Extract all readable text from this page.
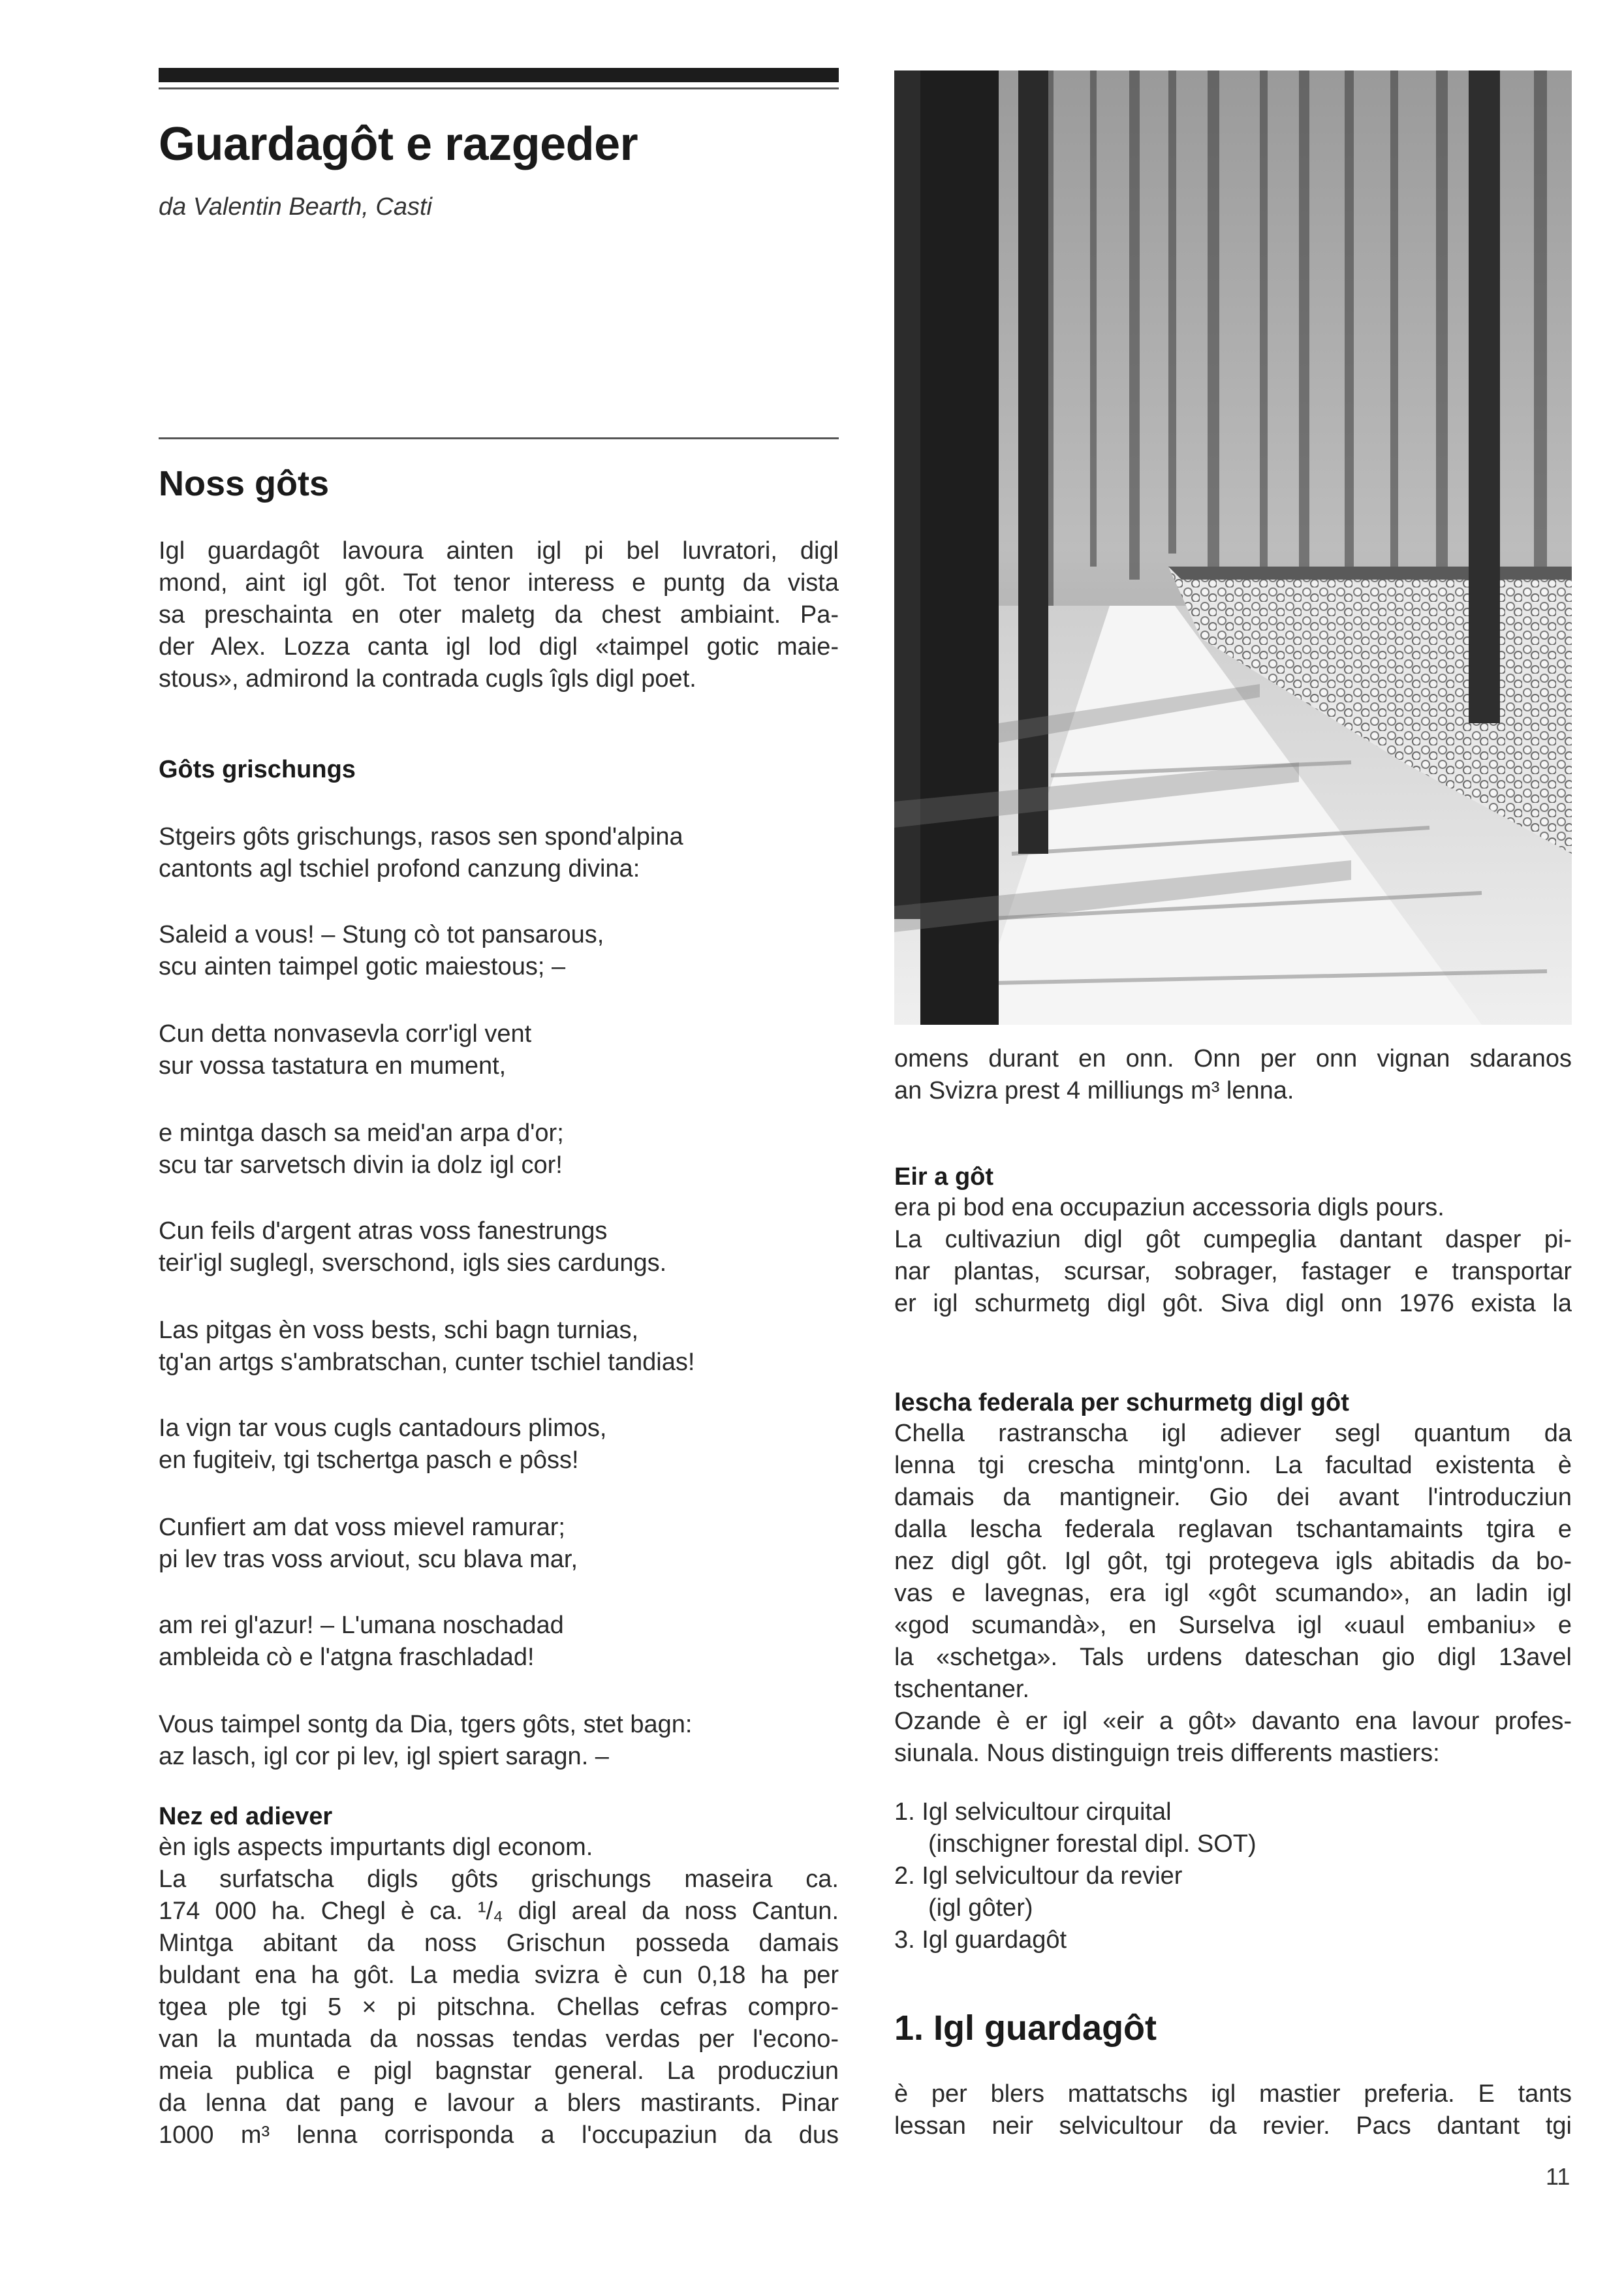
Guardagôt e razgeder
da Valentin Bearth, Casti
Noss gôts
Igl guardagôt lavoura ainten igl pi bel luvratori, digl
mond, aint igl gôt. Tot tenor interess e puntg da vista
sa preschainta en oter maletg da chest ambiaint. Pa-
der Alex. Lozza canta igl lod digl «taimpel gotic maie-
stous», admirond la contrada cugls îgls digl poet.
Gôts grischungs
Stgeirs gôts grischungs, rasos sen spond'alpina
cantonts agl tschiel profond canzung divina:
Saleid a vous! – Stung cò tot pansarous,
scu ainten taimpel gotic maiestous; –
Cun detta nonvasevla corr'igl vent
sur vossa tastatura en mument,
e mintga dasch sa meid'an arpa d'or;
scu tar sarvetsch divin ia dolz igl cor!
Cun feils d'argent atras voss fanestrungs
teir'igl suglegl, sverschond, igls sies cardungs.
Las pitgas èn voss bests, schi bagn turnias,
tg'an artgs s'ambratschan, cunter tschiel tandias!
Ia vign tar vous cugls cantadours plimos,
en fugiteiv, tgi tschertga pasch e pôss!
Cunfiert am dat voss mievel ramurar;
pi lev tras voss arviout, scu blava mar,
am rei gl'azur! – L'umana noschadad
ambleida cò e l'atgna fraschladad!
Vous taimpel sontg da Dia, tgers gôts, stet bagn:
az lasch, igl cor pi lev, igl spiert saragn. –
Nez ed adiever
èn igls aspects impurtants digl econom.
La surfatscha digls gôts grischungs maseira ca.
174 000 ha. Chegl è ca. ¹/₄ digl areal da noss Cantun.
Mintga abitant da noss Grischun posseda damais
buldant ena ha gôt. La media svizra è cun 0,18 ha per
tgea ple tgi 5 × pi pitschna. Chellas cefras compro-
van la muntada da nossas tendas verdas per l'econo-
meia publica e pigl bagnstar general. La producziun
da lenna dat pang e lavour a blers mastirants. Pinar
1000 m³ lenna corrisponda a l'occupaziun da dus
omens durant en onn. Onn per onn vignan sdaranos
an Svizra prest 4 milliungs m³ lenna.
Eir a gôt
era pi bod ena occupaziun accessoria digls pours.
La cultivaziun digl gôt cumpeglia dantant dasper pi-
nar plantas, scursar, sobrager, fastager e transportar
er igl schurmetg digl gôt. Siva digl onn 1976 exista la
lescha federala per schurmetg digl gôt
Chella rastranscha igl adiever segl quantum da
lenna tgi crescha mintg'onn. La facultad existenta è
damais da mantigneir. Gio dei avant l'introducziun
dalla lescha federala reglavan tschantamaints tgira e
nez digl gôt. Igl gôt, tgi protegeva igls abitadis da bo-
vas e lavegnas, era igl «gôt scumando», an ladin igl
«god scumandà», en Surselva igl «uaul embaniu» e
la «schetga». Tals urdens dateschan gio digl 13avel
tschentaner.
Ozande è er igl «eir a gôt» davanto ena lavour profes-
siunala. Nous distinguign treis differents mastiers:
1. Igl selvicultour cirquital
(inschigner forestal dipl. SOT)
2. Igl selvicultour da revier
(igl gôter)
3. Igl guardagôt
1. Igl guardagôt
è per blers mattatschs igl mastier preferia. E tants
lessan neir selvicultour da revier. Pacs dantant tgi
11
